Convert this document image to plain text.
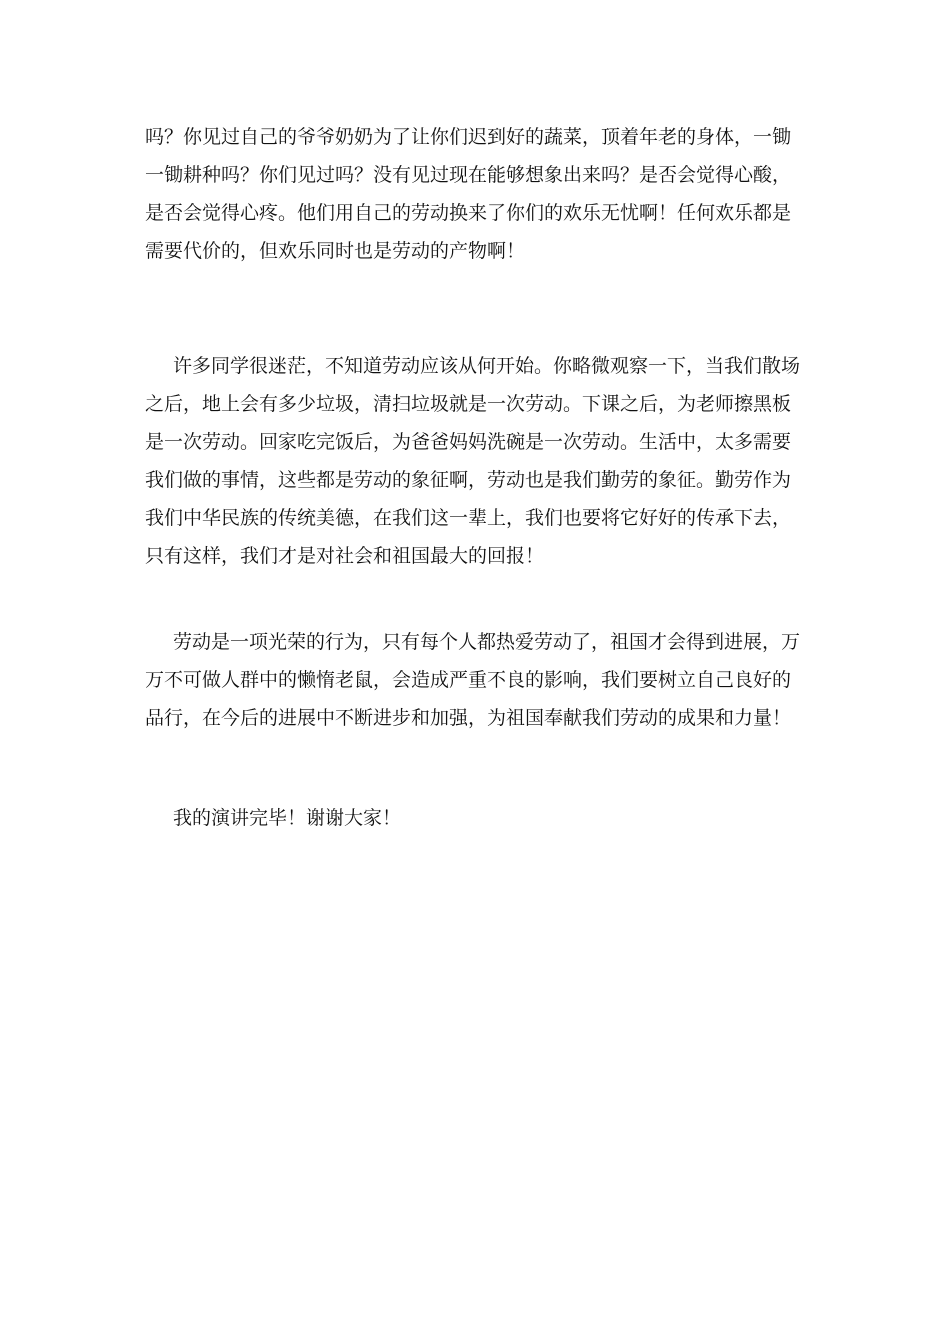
吗？你见过自己的爷爷奶奶为了让你们迟到好的蔬菜，顶着年老的身体，一锄
一锄耕种吗？你们见过吗？没有见过现在能够想象出来吗？是否会觉得心酸，
是否会觉得心疼。他们用自己的劳动换来了你们的欢乐无忧啊！任何欢乐都是
需要代价的，但欢乐同时也是劳动的产物啊！
许多同学很迷茫，不知道劳动应该从何开始。你略微观察一下，当我们散场
之后，地上会有多少垃圾，清扫垃圾就是一次劳动。下课之后，为老师擦黑板
是一次劳动。回家吃完饭后，为爸爸妈妈洗碗是一次劳动。生活中，太多需要
我们做的事情，这些都是劳动的象征啊，劳动也是我们勤劳的象征。勤劳作为
我们中华民族的传统美德，在我们这一辈上，我们也要将它好好的传承下去，
只有这样，我们才是对社会和祖国最大的回报！
劳动是一项光荣的行为，只有每个人都热爱劳动了，祖国才会得到进展，万
万不可做人群中的懒惰老鼠，会造成严重不良的影响，我们要树立自己良好的
品行，在今后的进展中不断进步和加强，为祖国奉献我们劳动的成果和力量！
我的演讲完毕！谢谢大家！
